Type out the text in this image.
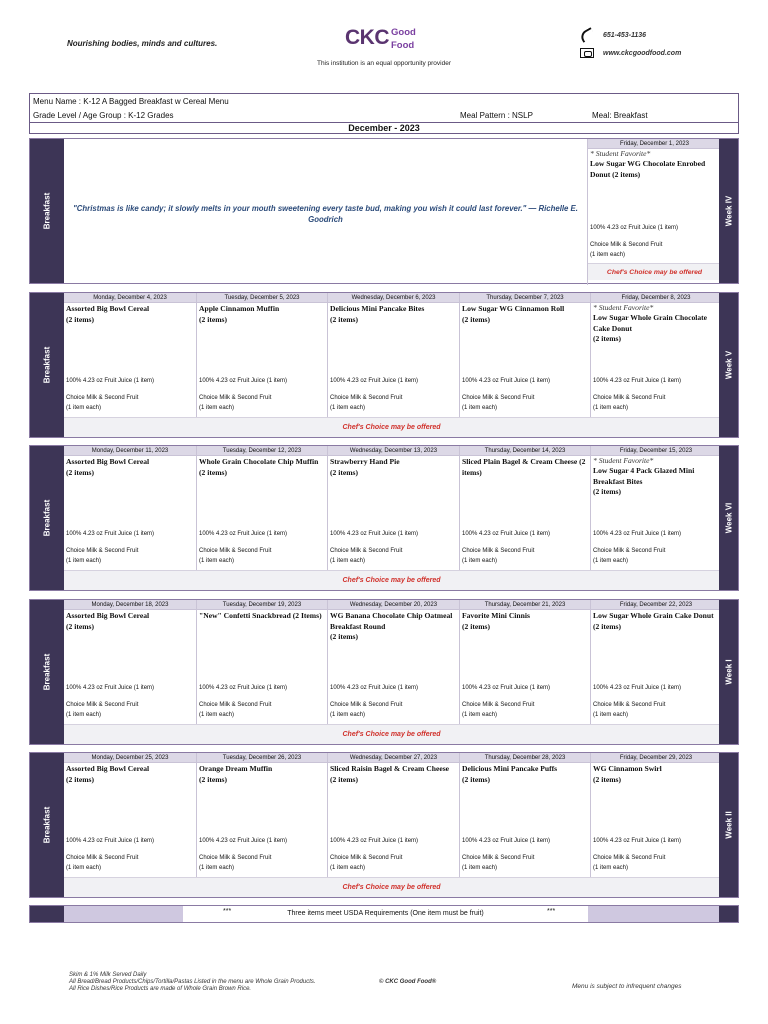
Nourishing bodies, minds and cultures.	CKC Good
Food
This institution is an equal opportunity provider
651-453-1136
www.ckcgoodfood.com
Menu Name : K-12 A Bagged Breakfast w Cereal Menu
Grade Level / Age Group : K-12 Grades	Meal Pattern : NSLP	Meal: Breakfast
December - 2023
Breakfast	"Christmas is like candy; it slowly melts in your mouth sweetening every taste bud, making you wish it could last forever." ― Richelle E. Goodrich
Friday, December 1, 2023
* Student Favorite*
Low Sugar WG Chocolate Enrobed Donut (2 items)
100% 4.23 oz Fruit Juice (1 item)
Choice Milk & Second Fruit
(1 item each)
Chef's Choice may be offered
Week IV
Breakfast
Monday, December 4, 2023
Assorted Big Bowl Cereal
(2 items)
100% 4.23 oz Fruit Juice (1 item)
Choice Milk & Second Fruit
(1 item each)
Tuesday, December 5, 2023
Apple Cinnamon Muffin
(2 items)
100% 4.23 oz Fruit Juice (1 item)
Choice Milk & Second Fruit
(1 item each)
Wednesday, December 6, 2023
Delicious Mini Pancake Bites
(2 items)
100% 4.23 oz Fruit Juice (1 item)
Choice Milk & Second Fruit
(1 item each)
Thursday, December 7, 2023
Low Sugar WG Cinnamon Roll
(2 items)
100% 4.23 oz Fruit Juice (1 item)
Choice Milk & Second Fruit
(1 item each)
Friday, December 8, 2023
* Student Favorite*
Low Sugar Whole Grain Chocolate Cake Donut
(2 items)
100% 4.23 oz Fruit Juice (1 item)
Choice Milk & Second Fruit
(1 item each)
Chef's Choice may be offered
Week V
Breakfast
Monday, December 11, 2023
Assorted Big Bowl Cereal
(2 items)
100% 4.23 oz Fruit Juice (1 item)
Choice Milk & Second Fruit
(1 item each)
Tuesday, December 12, 2023
Whole Grain Chocolate Chip Muffin (2 items)
100% 4.23 oz Fruit Juice (1 item)
Choice Milk & Second Fruit
(1 item each)
Wednesday, December 13, 2023
Strawberry Hand Pie
(2 items)
100% 4.23 oz Fruit Juice (1 item)
Choice Milk & Second Fruit
(1 item each)
Thursday, December 14, 2023
Sliced Plain Bagel & Cream Cheese (2 items)
100% 4.23 oz Fruit Juice (1 item)
Choice Milk & Second Fruit
(1 item each)
Friday, December 15, 2023
* Student Favorite*
Low Sugar 4 Pack Glazed Mini Breakfast Bites
(2 items)
100% 4.23 oz Fruit Juice (1 item)
Choice Milk & Second Fruit
(1 item each)
Chef's Choice may be offered
Week VI
Breakfast
Monday, December 18, 2023
Assorted Big Bowl Cereal
(2 items)
100% 4.23 oz Fruit Juice (1 item)
Choice Milk & Second Fruit
(1 item each)
Tuesday, December 19, 2023
"New" Confetti Snackbread (2 Items)
100% 4.23 oz Fruit Juice (1 item)
Choice Milk & Second Fruit
(1 item each)
Wednesday, December 20, 2023
WG Banana Chocolate Chip Oatmeal Breakfast Round
(2 items)
100% 4.23 oz Fruit Juice (1 item)
Choice Milk & Second Fruit
(1 item each)
Thursday, December 21, 2023
Favorite Mini Cinnis
(2 items)
100% 4.23 oz Fruit Juice (1 item)
Choice Milk & Second Fruit
(1 item each)
Friday, December 22, 2023
Low Sugar Whole Grain Cake Donut (2 items)
100% 4.23 oz Fruit Juice (1 item)
Choice Milk & Second Fruit
(1 item each)
Chef's Choice may be offered
Week I
Breakfast
Monday, December 25, 2023
Assorted Big Bowl Cereal
(2 items)
100% 4.23 oz Fruit Juice (1 item)
Choice Milk & Second Fruit
(1 item each)
Tuesday, December 26, 2023
Orange Dream Muffin
(2 items)
100% 4.23 oz Fruit Juice (1 item)
Choice Milk & Second Fruit
(1 item each)
Wednesday, December 27, 2023
Sliced Raisin Bagel & Cream Cheese (2 items)
100% 4.23 oz Fruit Juice (1 item)
Choice Milk & Second Fruit
(1 item each)
Thursday, December 28, 2023
Delicious Mini Pancake Puffs
(2 items)
100% 4.23 oz Fruit Juice (1 item)
Choice Milk & Second Fruit
(1 item each)
Friday, December 29, 2023
WG Cinnamon Swirl
(2 items)
100% 4.23 oz Fruit Juice (1 item)
Choice Milk & Second Fruit
(1 item each)
Chef's Choice may be offered
Week II
***	Three items meet USDA Requirements (One item must be fruit)	***
Skim & 1% Milk Served Daily
All Bread/Bread Products/Chips/Tortilla/Pastas Listed in the menu are Whole Grain Products.
All Rice Dishes/Rice Products are made of Whole Grain Brown Rice.
© CKC Good Food®
Menu is subject to infrequent changes
